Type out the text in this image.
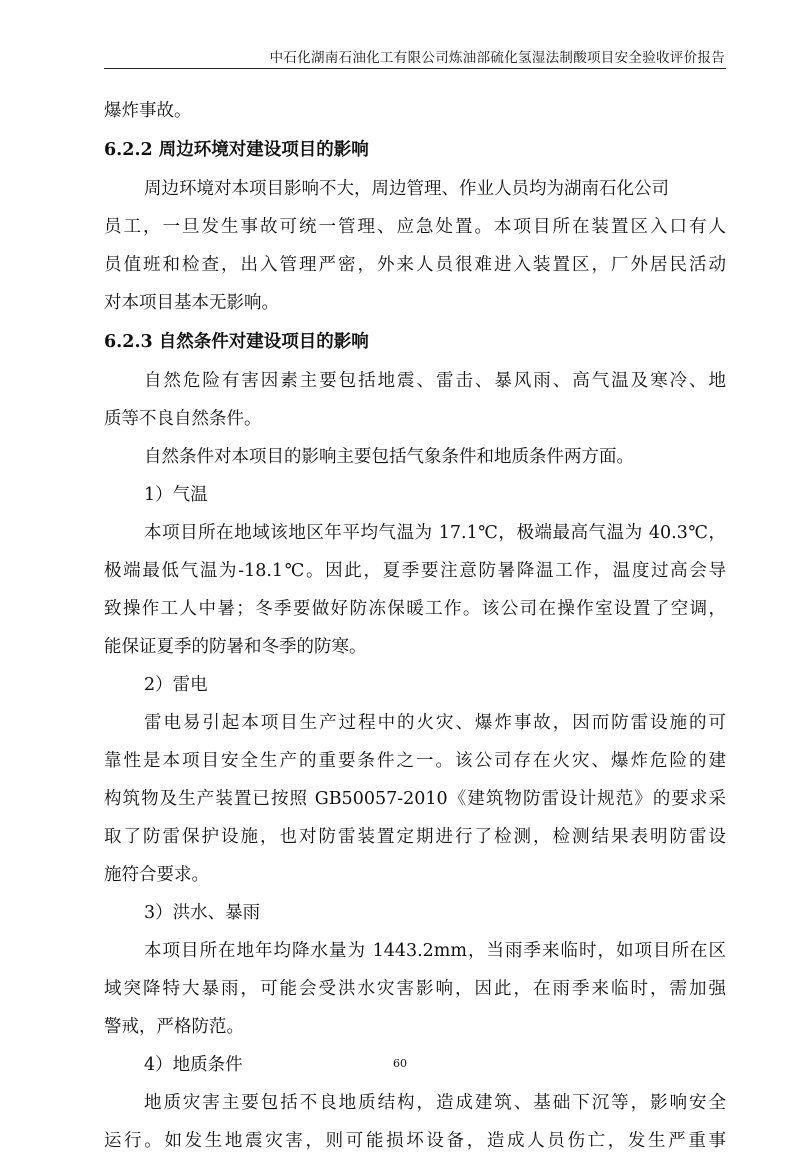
中石化湖南石油化工有限公司炼油部硫化氢湿法制酸项目安全验收评价报告
爆炸事故。
6.2.2 周边环境对建设项目的影响
周边环境对本项目影响不大，周边管理、作业人员均为湖南石化公司
员工，一旦发生事故可统一管理、应急处置。本项目所在装置区入口有人
员值班和检查，出入管理严密，外来人员很难进入装置区，厂外居民活动
对本项目基本无影响。
6.2.3 自然条件对建设项目的影响
自然危险有害因素主要包括地震、雷击、暴风雨、高气温及寒冷、地
质等不良自然条件。
自然条件对本项目的影响主要包括气象条件和地质条件两方面。
1）气温
本项目所在地域该地区年平均气温为 17.1℃，极端最高气温为 40.3℃，
极端最低气温为-18.1℃。因此，夏季要注意防暑降温工作，温度过高会导
致操作工人中暑；冬季要做好防冻保暖工作。该公司在操作室设置了空调，
能保证夏季的防暑和冬季的防寒。
2）雷电
雷电易引起本项目生产过程中的火灾、爆炸事故，因而防雷设施的可
靠性是本项目安全生产的重要条件之一。该公司存在火灾、爆炸危险的建
构筑物及生产装置已按照 GB50057-2010《建筑物防雷设计规范》的要求采
取了防雷保护设施，也对防雷装置定期进行了检测，检测结果表明防雷设
施符合要求。
3）洪水、暴雨
本项目所在地年均降水量为 1443.2mm，当雨季来临时，如项目所在区
域突降特大暴雨，可能会受洪水灾害影响，因此，在雨季来临时，需加强
警戒，严格防范。
4）地质条件
地质灾害主要包括不良地质结构，造成建筑、基础下沉等，影响安全
运行。如发生地震灾害，则可能损坏设备，造成人员伤亡，发生严重事
60
